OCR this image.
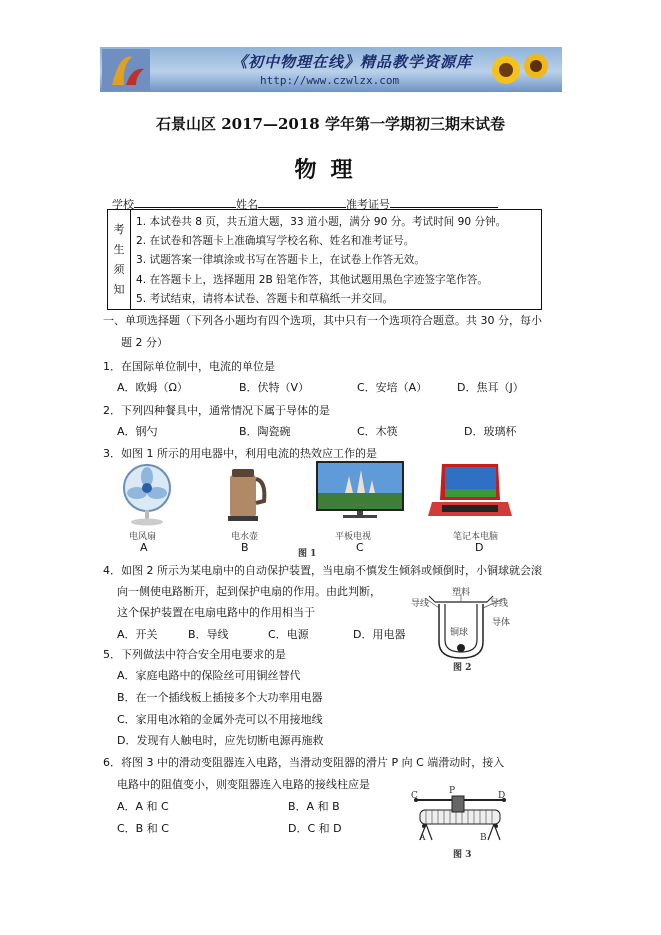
《初中物理在线》精品教学资源库
http://www.czwlzx.com
石景山区 2017—2018 学年第一学期初三期末试卷
物理
学校	姓名	准考证号
考
生
须
知
1. 本试卷共 8 页，共五道大题，33 道小题，满分 90 分。考试时间 90 分钟。
2. 在试卷和答题卡上准确填写学校名称、姓名和准考证号。
3. 试题答案一律填涂或书写在答题卡上，在试卷上作答无效。
4. 在答题卡上，选择题用 2B 铅笔作答，其他试题用黑色字迹签字笔作答。
5. 考试结束，请将本试卷、答题卡和草稿纸一并交回。
一、单项选择题（下列各小题均有四个选项，其中只有一个选项符合题意。共 30 分，每小
题 2 分）
1．在国际单位制中，电流的单位是
A．欧姆（Ω）	B．伏特（V）	C．安培（A）	D．焦耳（J）
2．下列四种餐具中，通常情况下属于导体的是
A．钢勺	B．陶瓷碗	C．木筷	D．玻璃杯
3．如图 1 所示的用电器中，利用电流的热效应工作的是
电风扇	电水壶	平板电视	笔记本电脑
A	B	C	D
图 1
4．如图 2 所示为某电扇中的自动保护装置，当电扇不慎发生倾斜或倾倒时，小铜球就会滚
向一侧使电路断开，起到保护电扇的作用。由此判断，
这个保护装置在电扇电路中的作用相当于
A．开关	B．导线	C．电源	D．用电器
塑料
导线	导线
导体
铜球
图 2
5．下列做法中符合安全用电要求的是
A．家庭电路中的保险丝可用铜丝替代
B．在一个插线板上插接多个大功率用电器
C．家用电冰箱的金属外壳可以不用接地线
D．发现有人触电时，应先切断电源再施救
6．将图 3 中的滑动变阻器连入电路，当滑动变阻器的滑片 P 向 C 端滑动时，接入
电路中的阻值变小，则变阻器连入电路的接线柱应是
A．A 和 C	B．A 和 B
C．B 和 C	D．C 和 D
C	P	D
A	B
图 3
